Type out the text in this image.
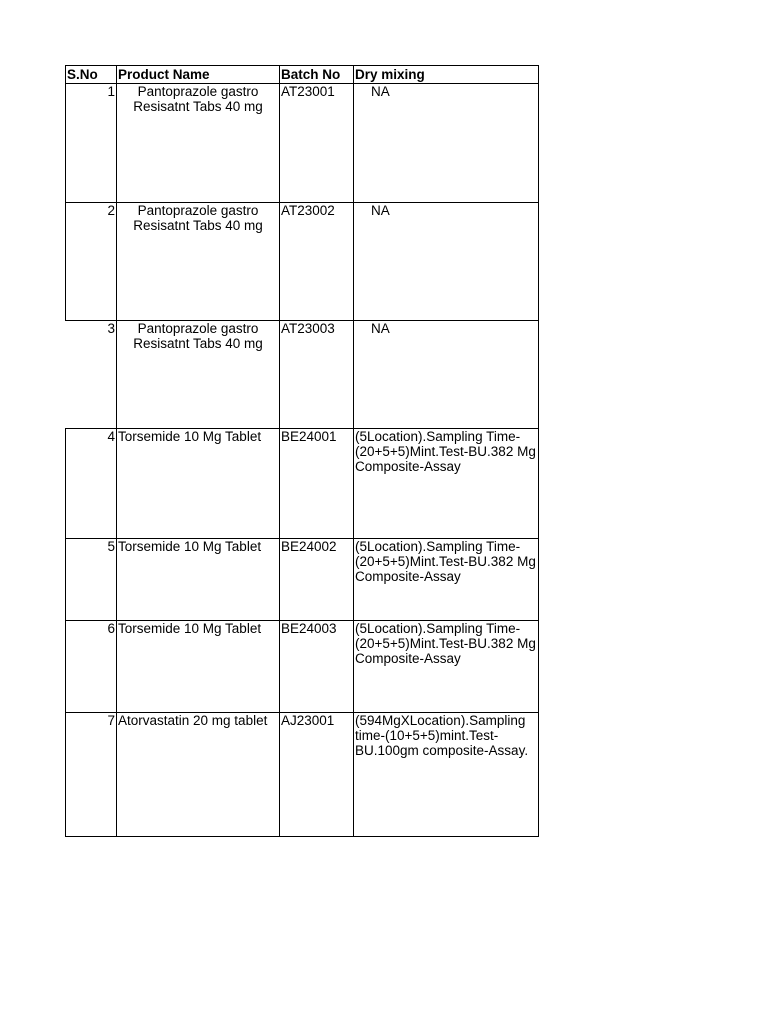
S.No	Product Name	Batch No	Dry mixing
1	Pantoprazole gastro Resisatnt Tabs 40 mg	AT23001	NA
2	Pantoprazole gastro Resisatnt Tabs 40 mg	AT23002	NA
3	Pantoprazole gastro Resisatnt Tabs 40 mg	AT23003	NA
4	Torsemide 10 Mg Tablet	BE24001	(5Location).Sampling Time-(20+5+5)Mint.Test-BU.382 Mg Composite-Assay
5	Torsemide 10 Mg Tablet	BE24002	(5Location).Sampling Time-(20+5+5)Mint.Test-BU.382 Mg Composite-Assay
6	Torsemide 10 Mg Tablet	BE24003	(5Location).Sampling Time-(20+5+5)Mint.Test-BU.382 Mg Composite-Assay
7	Atorvastatin 20 mg tablet	AJ23001	(594MgXLocation).Sampling time-(10+5+5)mint.Test-BU.100gm composite-Assay.
